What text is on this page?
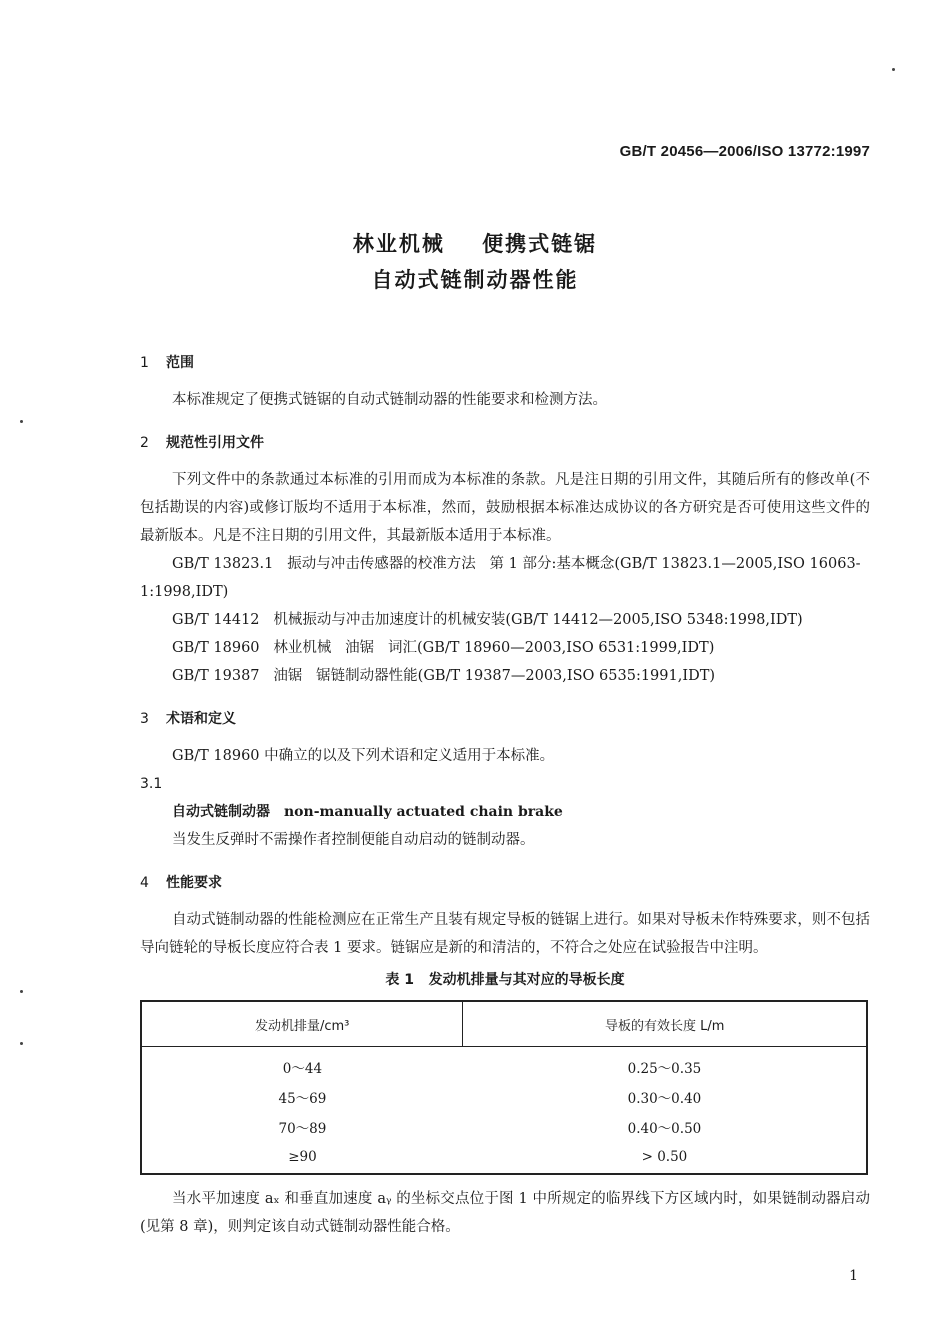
GB/T 20456—2006/ISO 13772:1997
林业机械    便携式链锯
自动式链制动器性能
1 范围

本标准规定了便携式链锯的自动式链制动器的性能要求和检测方法。

2 规范性引用文件

下列文件中的条款通过本标准的引用而成为本标准的条款。凡是注日期的引用文件，其随后所有的修改单(不包括勘误的内容)或修订版均不适用于本标准，然而，鼓励根据本标准达成协议的各方研究是否可使用这些文件的最新版本。凡是不注日期的引用文件，其最新版本适用于本标准。

GB/T 13823.1   振动与冲击传感器的校准方法   第 1 部分:基本概念(GB/T 13823.1—2005,ISO 16063-1:1998,IDT)

GB/T 14412   机械振动与冲击加速度计的机械安装(GB/T 14412—2005,ISO 5348:1998,IDT)

GB/T 18960   林业机械   油锯   词汇(GB/T 18960—2003,ISO 6531:1999,IDT)

GB/T 19387   油锯   锯链制动器性能(GB/T 19387—2003,ISO 6535:1991,IDT)

3 术语和定义

GB/T 18960 中确立的以及下列术语和定义适用于本标准。

3.1

自动式链制动器 non-manually actuated chain brake

当发生反弹时不需操作者控制便能自动启动的链制动器。

4 性能要求

自动式链制动器的性能检测应在正常生产且装有规定导板的链锯上进行。如果对导板未作特殊要求，则不包括导向链轮的导板长度应符合表 1 要求。链锯应是新的和清洁的，不符合之处应在试验报告中注明。

表 1   发动机排量与其对应的导板长度
发动机排量/cm³	导板的有效长度 L/m
0～44	0.25～0.35
45～69	0.30～0.40
70～89	0.40～0.50
≥90	> 0.50

当水平加速度 aₓ 和垂直加速度 aᵧ 的坐标交点位于图 1 中所规定的临界线下方区域内时，如果链制动器启动(见第 8 章)，则判定该自动式链制动器性能合格。

1
